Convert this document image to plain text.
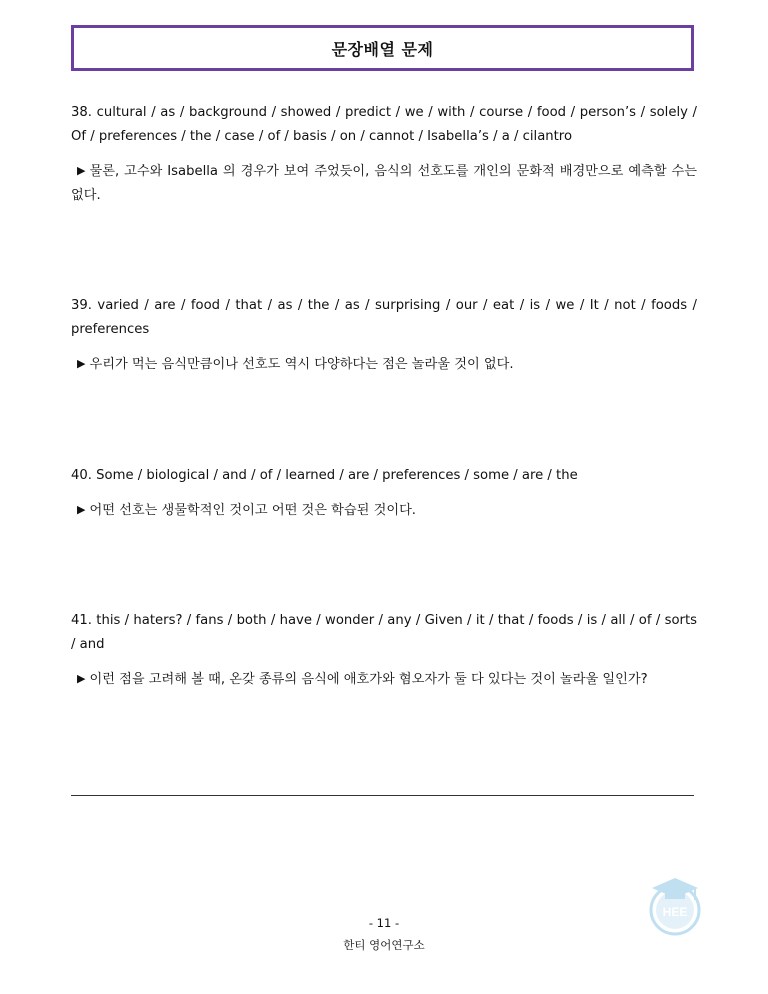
문장배열 문제

38. cultural / as / background / showed / predict / we / with / course / food / person’s / solely / Of / preferences / the / case / of / basis / on / cannot / Isabella’s / a / cilantro

▶ 물론, 고수와 Isabella 의 경우가 보여 주었듯이, 음식의 선호도를 개인의 문화적 배경만으로 예측할 수는 없다.

39. varied / are / food / that / as / the / as / surprising / our / eat / is / we / It / not / foods / preferences

▶ 우리가 먹는 음식만큼이나 선호도 역시 다양하다는 점은 놀라울 것이 없다.

40. Some / biological / and / of / learned / are / preferences / some / are / the

▶ 어떤 선호는 생물학적인 것이고 어떤 것은 학습된 것이다.

41. this / haters? / fans / both / have / wonder / any / Given / it / that / foods / is / all / of / sorts / and

▶ 이런 점을 고려해 볼 때, 온갖 종류의 음식에 애호가와 혐오자가 둘 다 있다는 것이 놀라울 일인가?

HEE
- 11 -
한티 영어연구소
